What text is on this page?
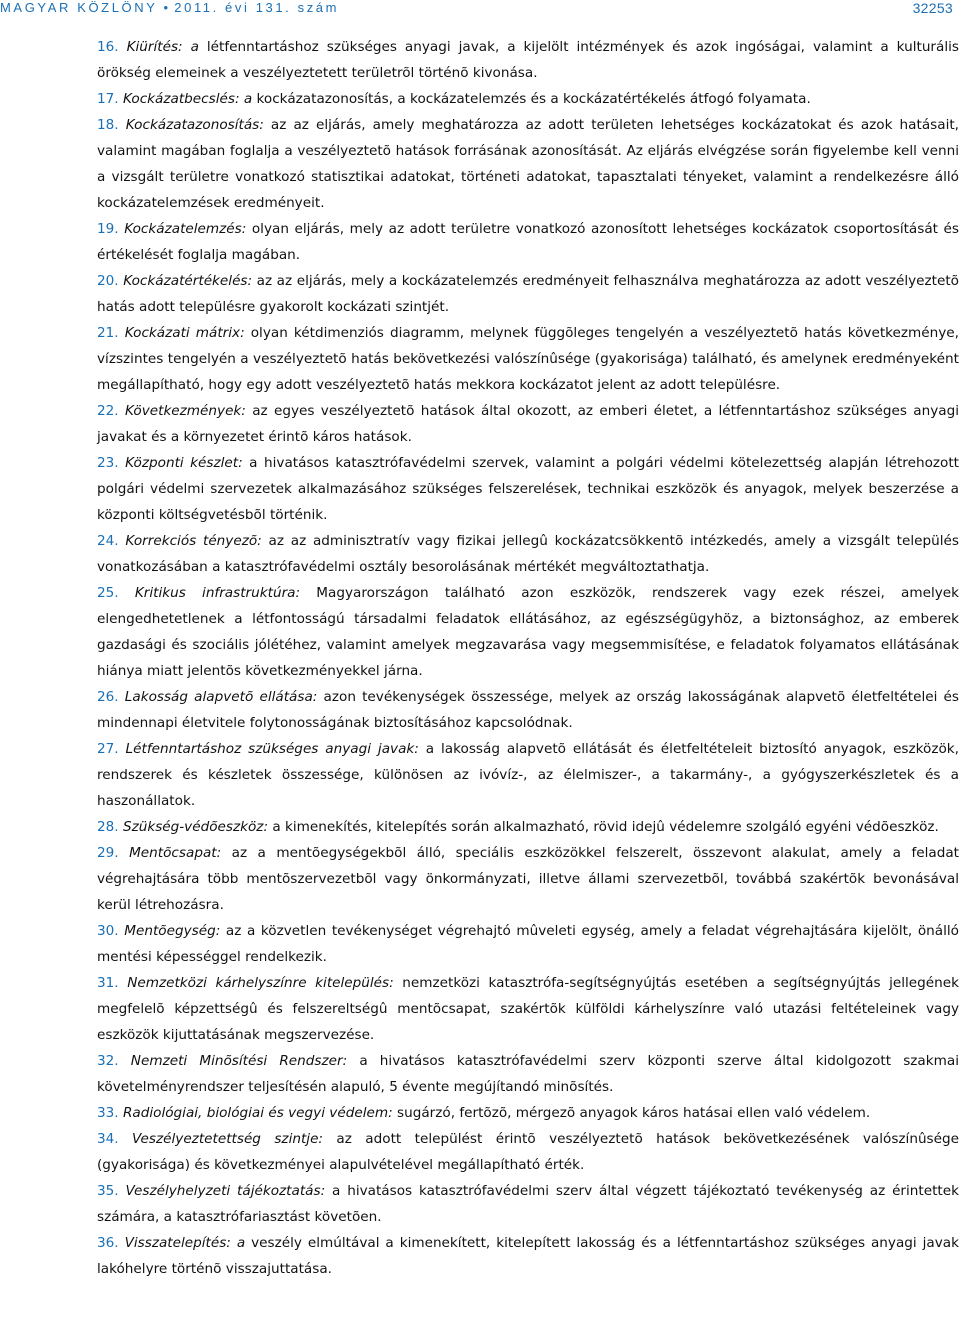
MAGYAR KÖZLÖNY • 2011. évi 131. szám	32253

16. Kiürítés: a létfenntartáshoz szükséges anyagi javak, a kijelölt intézmények és azok ingóságai, valamint a kulturális örökség elemeinek a veszélyeztetett területrõl történõ kivonása.

17. Kockázatbecslés: a kockázatazonosítás, a kockázatelemzés és a kockázatértékelés átfogó folyamata.

18. Kockázatazonosítás: az az eljárás, amely meghatározza az adott területen lehetséges kockázatokat és azok hatásait, valamint magában foglalja a veszélyeztetõ hatások forrásának azonosítását. Az eljárás elvégzése során figyelembe kell venni a vizsgált területre vonatkozó statisztikai adatokat, történeti adatokat, tapasztalati tényeket, valamint a rendelkezésre álló kockázatelemzések eredményeit.

19. Kockázatelemzés: olyan eljárás, mely az adott területre vonatkozó azonosított lehetséges kockázatok csoportosítását és értékelését foglalja magában.

20. Kockázatértékelés: az az eljárás, mely a kockázatelemzés eredményeit felhasználva meghatározza az adott veszélyeztetõ hatás adott településre gyakorolt kockázati szintjét.

21. Kockázati mátrix: olyan kétdimenziós diagramm, melynek függõleges tengelyén a veszélyeztetõ hatás következménye, vízszintes tengelyén a veszélyeztetõ hatás bekövetkezési valószínûsége (gyakorisága) található, és amelynek eredményeként megállapítható, hogy egy adott veszélyeztetõ hatás mekkora kockázatot jelent az adott településre.

22. Következmények: az egyes veszélyeztetõ hatások által okozott, az emberi életet, a létfenntartáshoz szükséges anyagi javakat és a környezetet érintõ káros hatások.

23. Központi készlet: a hivatásos katasztrófavédelmi szervek, valamint a polgári védelmi kötelezettség alapján létrehozott polgári védelmi szervezetek alkalmazásához szükséges felszerelések, technikai eszközök és anyagok, melyek beszerzése a központi költségvetésbõl történik.

24. Korrekciós tényezõ: az az adminisztratív vagy fizikai jellegû kockázatcsökkentõ intézkedés, amely a vizsgált település vonatkozásában a katasztrófavédelmi osztály besorolásának mértékét megváltoztathatja.

25. Kritikus infrastruktúra: Magyarországon található azon eszközök, rendszerek vagy ezek részei, amelyek elengedhetetlenek a létfontosságú társadalmi feladatok ellátásához, az egészségügyhöz, a biztonsághoz, az emberek gazdasági és szociális jólétéhez, valamint amelyek megzavarása vagy megsemmisítése, e feladatok folyamatos ellátásának hiánya miatt jelentõs következményekkel járna.

26. Lakosság alapvetõ ellátása: azon tevékenységek összessége, melyek az ország lakosságának alapvetõ életfeltételei és mindennapi életvitele folytonosságának biztosításához kapcsolódnak.

27. Létfenntartáshoz szükséges anyagi javak: a lakosság alapvetõ ellátását és életfeltételeit biztosító anyagok, eszközök, rendszerek és készletek összessége, különösen az ivóvíz-, az élelmiszer-, a takarmány-, a gyógyszerkészletek és a haszonállatok.

28. Szükség-védõeszköz: a kimenekítés, kitelepítés során alkalmazható, rövid idejû védelemre szolgáló egyéni védõeszköz.

29. Mentõcsapat: az a mentõegységekbõl álló, speciális eszközökkel felszerelt, összevont alakulat, amely a feladat végrehajtására több mentõszervezetbõl vagy önkormányzati, illetve állami szervezetbõl, továbbá szakértõk bevonásával kerül létrehozásra.

30. Mentõegység: az a közvetlen tevékenységet végrehajtó mûveleti egység, amely a feladat végrehajtására kijelölt, önálló mentési képességgel rendelkezik.

31. Nemzetközi kárhelyszínre kitelepülés: nemzetközi katasztrófa-segítségnyújtás esetében a segítségnyújtás jellegének megfelelõ képzettségû és felszereltségû mentõcsapat, szakértõk külföldi kárhelyszínre való utazási feltételeinek vagy eszközök kijuttatásának megszervezése.

32. Nemzeti Minõsítési Rendszer: a hivatásos katasztrófavédelmi szerv központi szerve által kidolgozott szakmai követelményrendszer teljesítésén alapuló, 5 évente megújítandó minõsítés.

33. Radiológiai, biológiai és vegyi védelem: sugárzó, fertõzõ, mérgezõ anyagok káros hatásai ellen való védelem.

34. Veszélyeztetettség szintje: az adott települést érintõ veszélyeztetõ hatások bekövetkezésének valószínûsége (gyakorisága) és következményei alapulvételével megállapítható érték.

35. Veszélyhelyzeti tájékoztatás: a hivatásos katasztrófavédelmi szerv által végzett tájékoztató tevékenység az érintettek számára, a katasztrófariasztást követõen.

36. Visszatelepítés: a veszély elmúltával a kimenekített, kitelepített lakosság és a létfenntartáshoz szükséges anyagi javak lakóhelyre történõ visszajuttatása.
